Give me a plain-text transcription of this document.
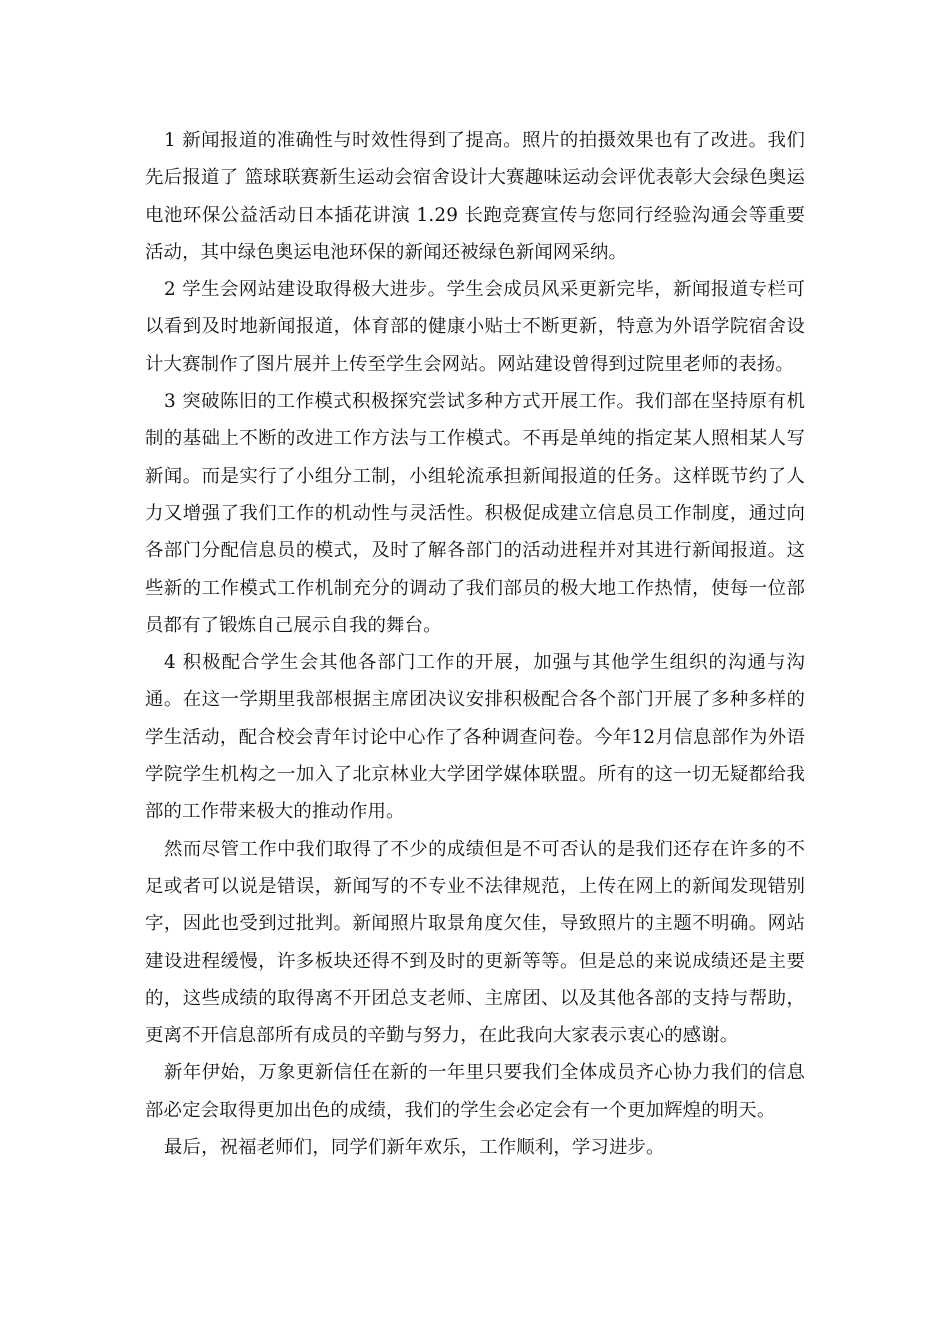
1 新闻报道的准确性与时效性得到了提高。照片的拍摄效果也有了改进。我们先后报道了 篮球联赛新生运动会宿舍设计大赛趣味运动会评优表彰大会绿色奥运电池环保公益活动日本插花讲演 1.29 长跑竞赛宣传与您同行经验沟通会等重要活动，其中绿色奥运电池环保的新闻还被绿色新闻网采纳。

2 学生会网站建设取得极大进步。学生会成员风采更新完毕，新闻报道专栏可以看到及时地新闻报道，体育部的健康小贴士不断更新，特意为外语学院宿舍设计大赛制作了图片展并上传至学生会网站。网站建设曾得到过院里老师的表扬。

3 突破陈旧的工作模式积极探究尝试多种方式开展工作。我们部在坚持原有机制的基础上不断的改进工作方法与工作模式。不再是单纯的指定某人照相某人写新闻。而是实行了小组分工制，小组轮流承担新闻报道的任务。这样既节约了人力又增强了我们工作的机动性与灵活性。积极促成建立信息员工作制度，通过向各部门分配信息员的模式，及时了解各部门的活动进程并对其进行新闻报道。这些新的工作模式工作机制充分的调动了我们部员的极大地工作热情，使每一位部员都有了锻炼自己展示自我的舞台。

4 积极配合学生会其他各部门工作的开展，加强与其他学生组织的沟通与沟通。在这一学期里我部根据主席团决议安排积极配合各个部门开展了多种多样的学生活动，配合校会青年讨论中心作了各种调查问卷。今年12月信息部作为外语学院学生机构之一加入了北京林业大学团学媒体联盟。所有的这一切无疑都给我部的工作带来极大的推动作用。

然而尽管工作中我们取得了不少的成绩但是不可否认的是我们还存在许多的不足或者可以说是错误，新闻写的不专业不法律规范，上传在网上的新闻发现错别字，因此也受到过批判。新闻照片取景角度欠佳，导致照片的主题不明确。网站建设进程缓慢，许多板块还得不到及时的更新等等。但是总的来说成绩还是主要的，这些成绩的取得离不开团总支老师、主席团、以及其他各部的支持与帮助，更离不开信息部所有成员的辛勤与努力，在此我向大家表示衷心的感谢。

新年伊始，万象更新信任在新的一年里只要我们全体成员齐心协力我们的信息部必定会取得更加出色的成绩，我们的学生会必定会有一个更加辉煌的明天。

最后，祝福老师们，同学们新年欢乐，工作顺利，学习进步。
